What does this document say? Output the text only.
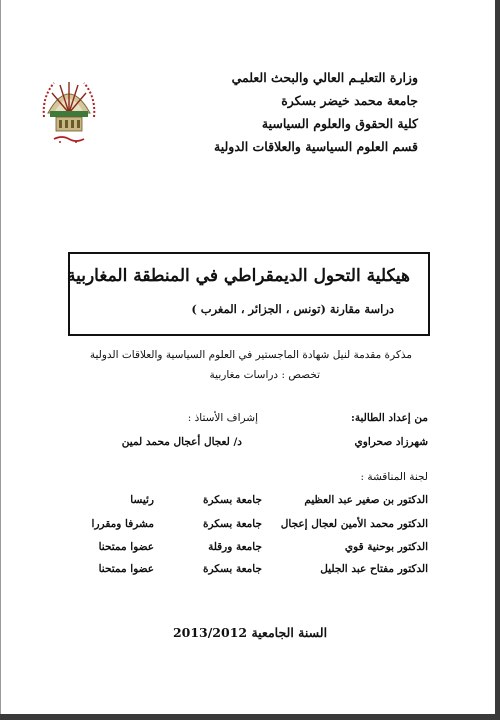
وزارة التعليـم العالي والبحث العلمي
جامعة محمد خيضر بسكرة
كلية الحقوق والعلوم السياسية
قسم العلوم السياسية والعلاقات الدولية
هيكلية التحول الديمقراطي في المنطقة المغاربية
دراسة مقارنة (تونس ، الجزائر ، المغرب )
مذكرة مقدمة لنيل شهادة الماجستير في العلوم السياسية والعلاقات الدولية
تخصص : دراسات مغاربية
من إعداد الطالبة:
إشراف الأستاذ :
شهرزاد صحراوي
د/ لعجال أعجال محمد لمين
لجنة المناقشة :
الدكتور بن صغير عبد العظيم
جامعة بسكرة
رئيسا
الدكتور محمد الأمين لعجال إعجال
جامعة بسكرة
مشرفا ومقررا
الدكتور بوحنية قوي
جامعة ورقلة
عضوا ممتحنا
الدكتور مفتاح عبد الجليل
جامعة بسكرة
عضوا ممتحنا
السنة الجامعية 2013/2012
